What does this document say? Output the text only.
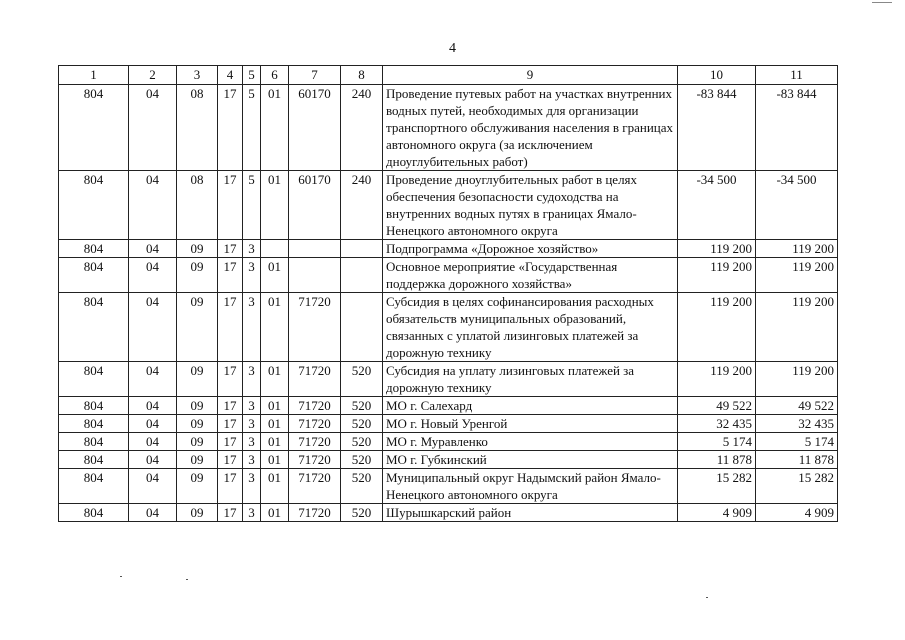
4
1	2	3	4	5	6	7	8	9	10	11
804	04	08	17	5	01	60170	240	Проведение путевых работ на участках внутренних водных путей, необходимых для организации транспортного обслуживания населения в границах автономного округа (за исключением дноуглубительных работ)	-83 844	-83 844
804	04	08	17	5	01	60170	240	Проведение дноуглубительных работ в целях обеспечения безопасности судоходства на внутренних водных путях в границах Ямало-Ненецкого автономного округа	-34 500	-34 500
804	04	09	17	3				Подпрограмма «Дорожное хозяйство»	119 200	119 200
804	04	09	17	3	01			Основное мероприятие «Государственная поддержка дорожного хозяйства»	119 200	119 200
804	04	09	17	3	01	71720		Субсидия в целях софинансирования расходных обязательств муниципальных образований, связанных с уплатой лизинговых платежей за дорожную технику	119 200	119 200
804	04	09	17	3	01	71720	520	Субсидия на уплату лизинговых платежей за дорожную технику	119 200	119 200
804	04	09	17	3	01	71720	520	МО г. Салехард	49 522	49 522
804	04	09	17	3	01	71720	520	МО г. Новый Уренгой	32 435	32 435
804	04	09	17	3	01	71720	520	МО г. Муравленко	5 174	5 174
804	04	09	17	3	01	71720	520	МО г. Губкинский	11 878	11 878
804	04	09	17	3	01	71720	520	Муниципальный округ Надымский район Ямало-Ненецкого автономного округа	15 282	15 282
804	04	09	17	3	01	71720	520	Шурышкарский район	4 909	4 909
